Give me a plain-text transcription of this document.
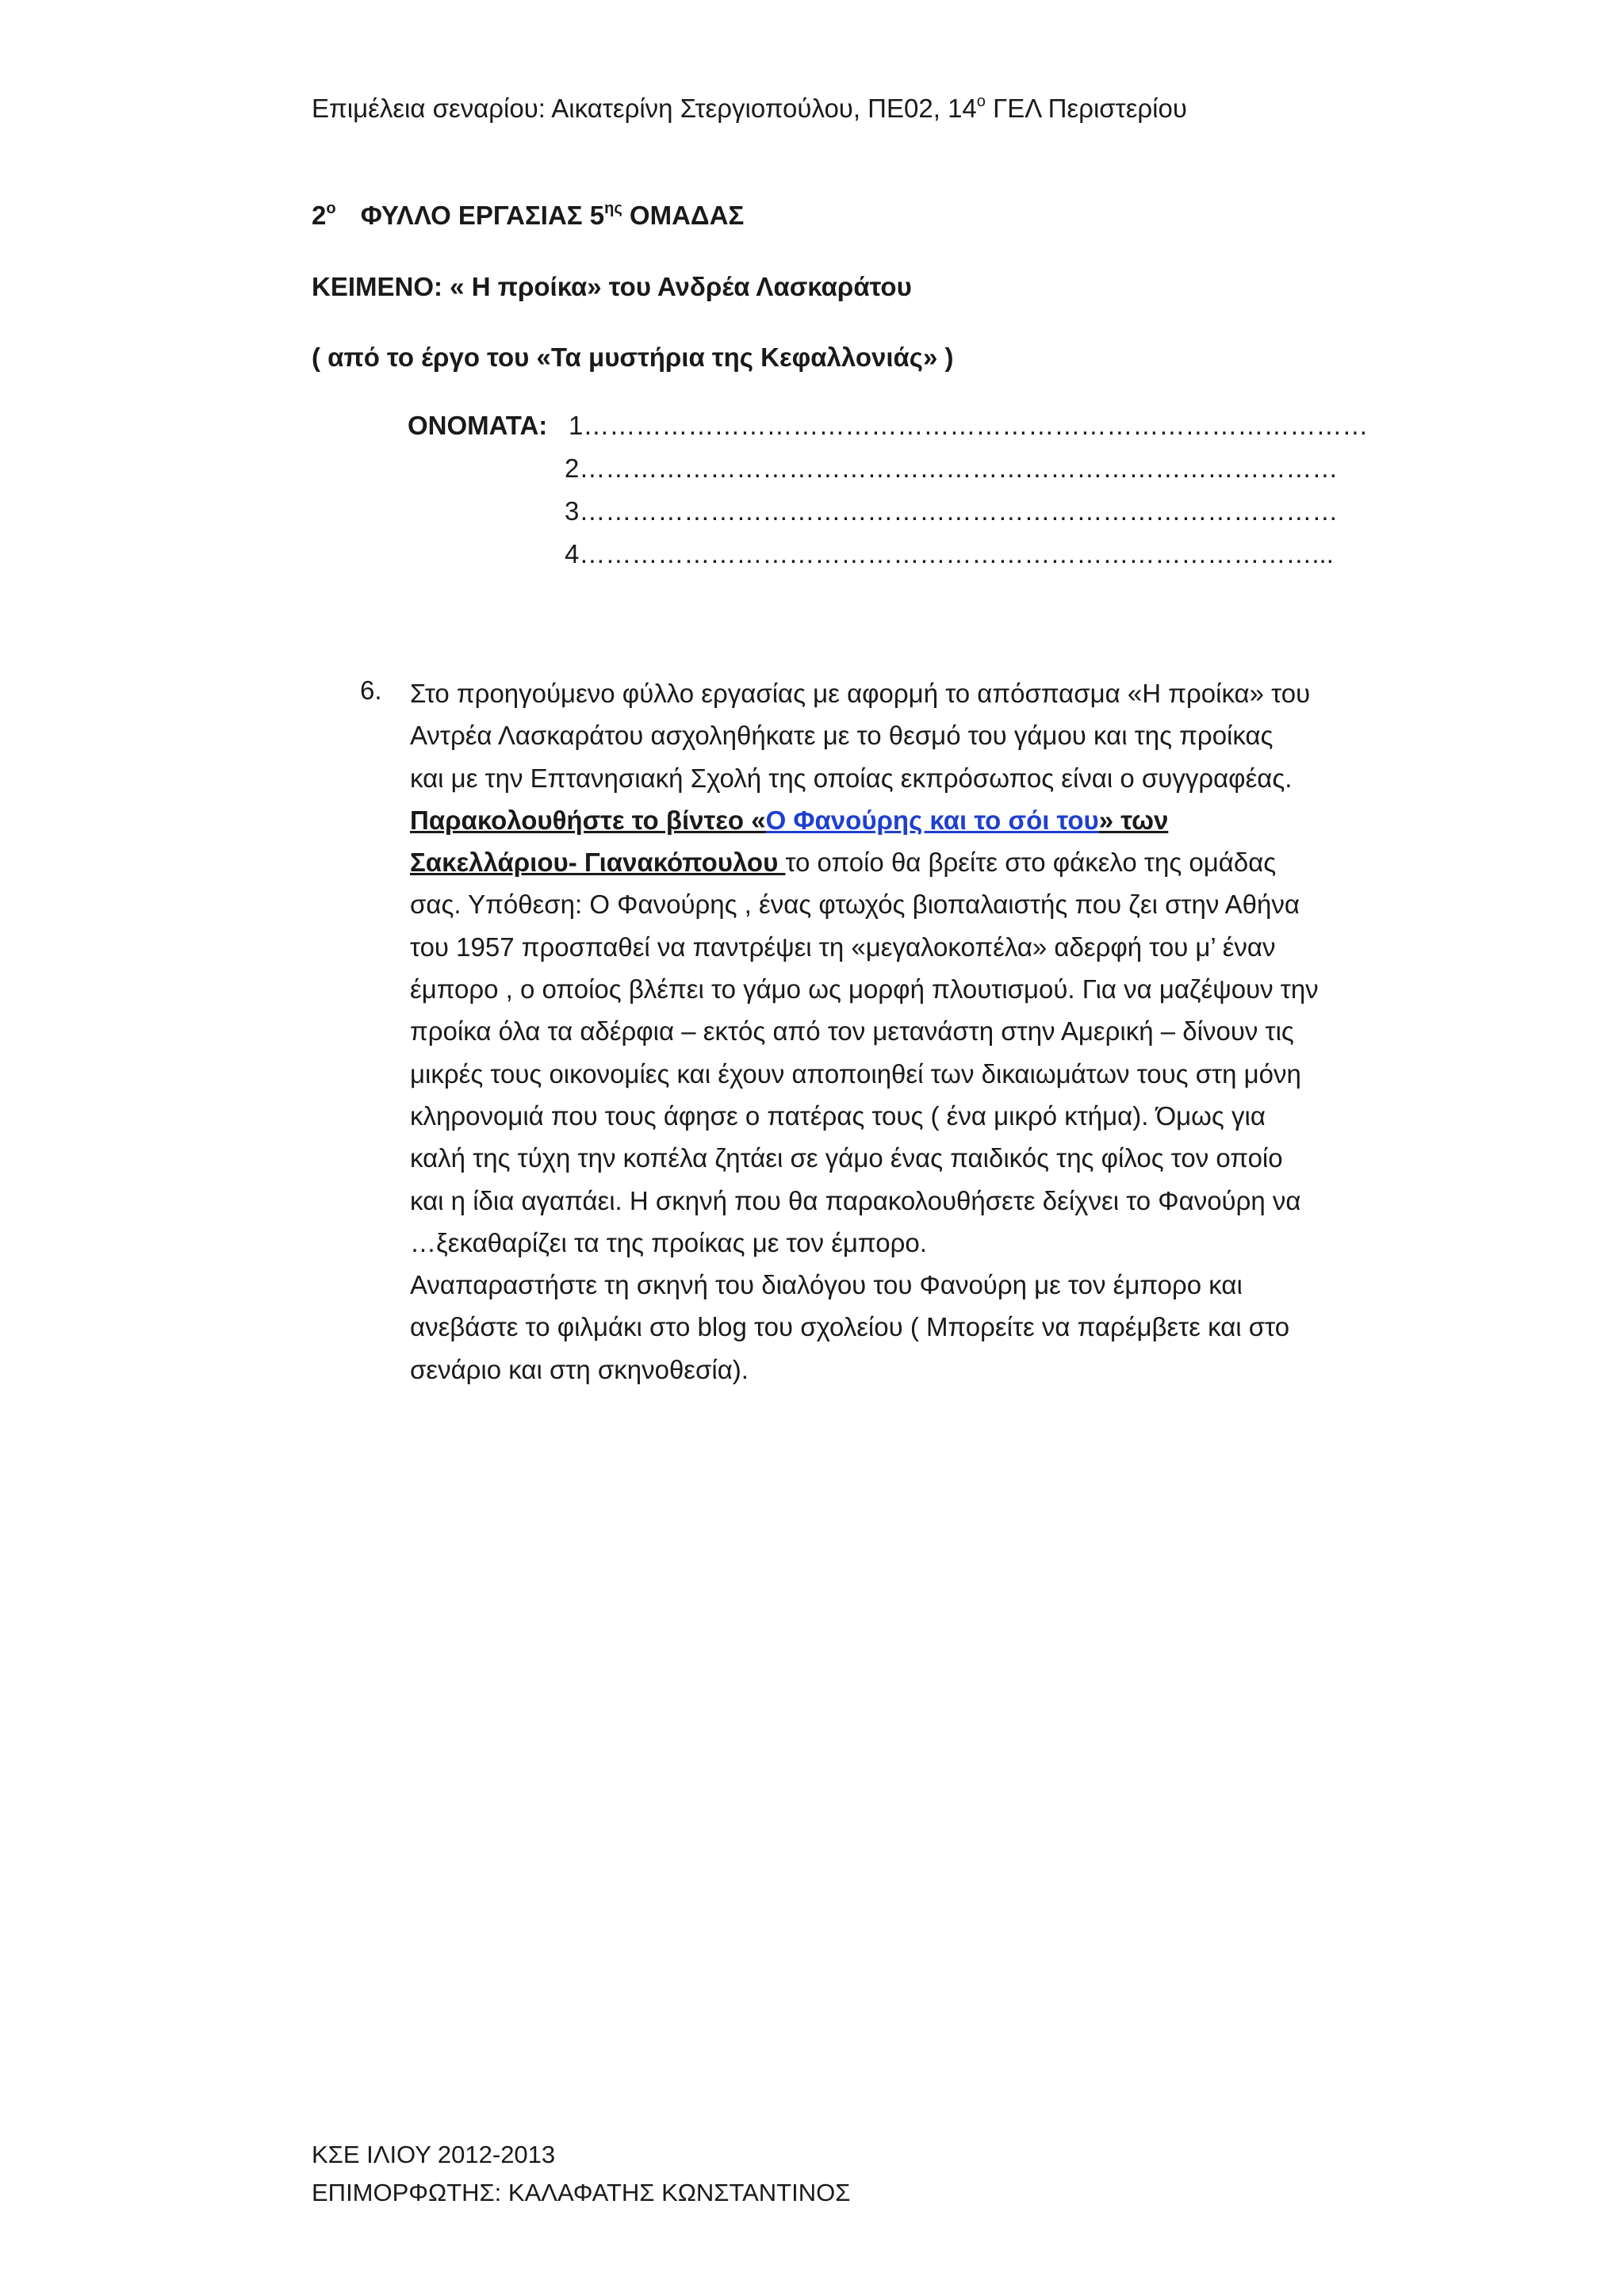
Επιμέλεια σεναρίου: Αικατερίνη Στεργιοπούλου, ΠΕ02, $14^o$ ΓΕΛ Περιστερίου
$2^o$ ΦΥΛΛΟ ΕΡΓΑΣΙΑΣ $5^{\eta\varsigma}$ ΟΜΑΔΑΣ
ΚΕΙΜΕΝΟ: « Η προίκα» του Ανδρέα Λασκαράτου
( από το έργο του «Τα μυστήρια της Κεφαλλονιάς» )
ΟΝΟΜΑΤΑ: 1………………………………………………………………………………
2……………………………………………………………………………
3……………………………………………………………………………
4…………………………………………………………………………...
6. Στο προηγούμενο φύλλο εργασίας με αφορμή το απόσπασμα «Η προίκα» του
Αντρέα Λασκαράτου ασχοληθήκατε με το θεσμό του γάμου και της προίκας
και με την Επτανησιακή Σχολή της οποίας εκπρόσωπος είναι ο συγγραφέας.
Παρακολουθήστε το βίντεο «Ο Φανούρης και το σόι του» των
Σακελλάριου- Γιανακόπουλου το οποίο θα βρείτε στο φάκελο της ομάδας
σας. Υπόθεση: Ο Φανούρης , ένας φτωχός βιοπαλαιστής που ζει στην Αθήνα
του 1957 προσπαθεί να παντρέψει τη «μεγαλοκοπέλα» αδερφή του μ’ έναν
έμπορο , ο οποίος βλέπει το γάμο ως μορφή πλουτισμού. Για να μαζέψουν την
προίκα όλα τα αδέρφια – εκτός από τον μετανάστη στην Αμερική – δίνουν τις
μικρές τους οικονομίες και έχουν αποποιηθεί των δικαιωμάτων τους στη μόνη
κληρονομιά που τους άφησε ο πατέρας τους ( ένα μικρό κτήμα). Όμως για
καλή της τύχη την κοπέλα ζητάει σε γάμο ένας παιδικός της φίλος τον οποίο
και η ίδια αγαπάει. Η σκηνή που θα παρακολουθήσετε δείχνει το Φανούρη να
…ξεκαθαρίζει τα της προίκας με τον έμπορο.
Αναπαραστήστε τη σκηνή του διαλόγου του Φανούρη με τον έμπορο και
ανεβάστε το φιλμάκι στο blog του σχολείου ( Μπορείτε να παρέμβετε και στο
σενάριο και στη σκηνοθεσία).
ΚΣΕ ΙΛΙΟΥ 2012-2013
ΕΠΙΜΟΡΦΩΤΗΣ: ΚΑΛΑΦΑΤΗΣ ΚΩΝΣΤΑΝΤΙΝΟΣ
